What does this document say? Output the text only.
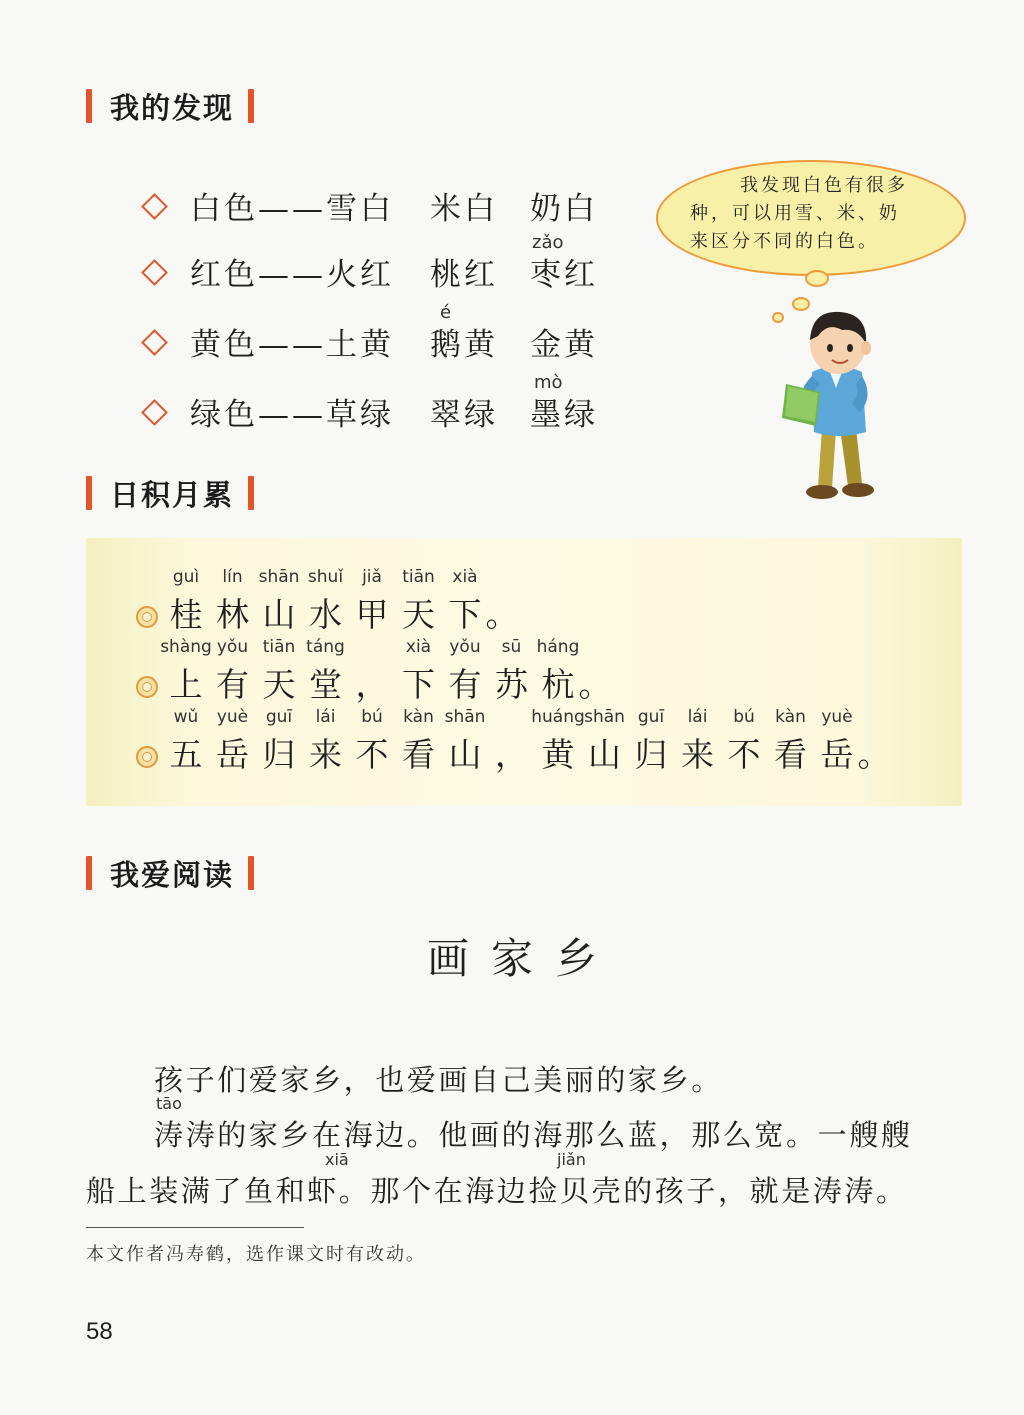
我的发现
白色——雪白 米白 奶白
红色——火红 桃红
zǎo
枣红
黄色——土黄
é
鹅黄 金黄
绿色——草绿 翠绿
mò
墨绿
我发现白色有很多
种，可以用雪、米、奶
来区分不同的白色。
日积月累
桂
guì
林
lín
山
shān
水
shuǐ
甲
jiǎ
天
tiān
下
xià
。
上
shàng
有
yǒu
天
tiān
堂
táng
， 下
xià
有
yǒu
苏
sū
杭
háng
。
五
wǔ
岳
yuè
归
guī
来
lái
不
bú
看
kàn
山
shān
， 黄
huáng
山
shān
归
guī
来
lái
不
bú
看
kàn
岳
yuè
。
我爱阅读
画家乡
孩子们爱家乡，也爱画自己美丽的家乡。
tāo
涛涛的家乡在海边。他画的海那么蓝，那么宽。一艘艘
xiā	jiǎn
船上装满了鱼和虾。那个在海边捡贝壳的孩子，就是涛涛。
本文作者冯寿鹤，选作课文时有改动。
58
